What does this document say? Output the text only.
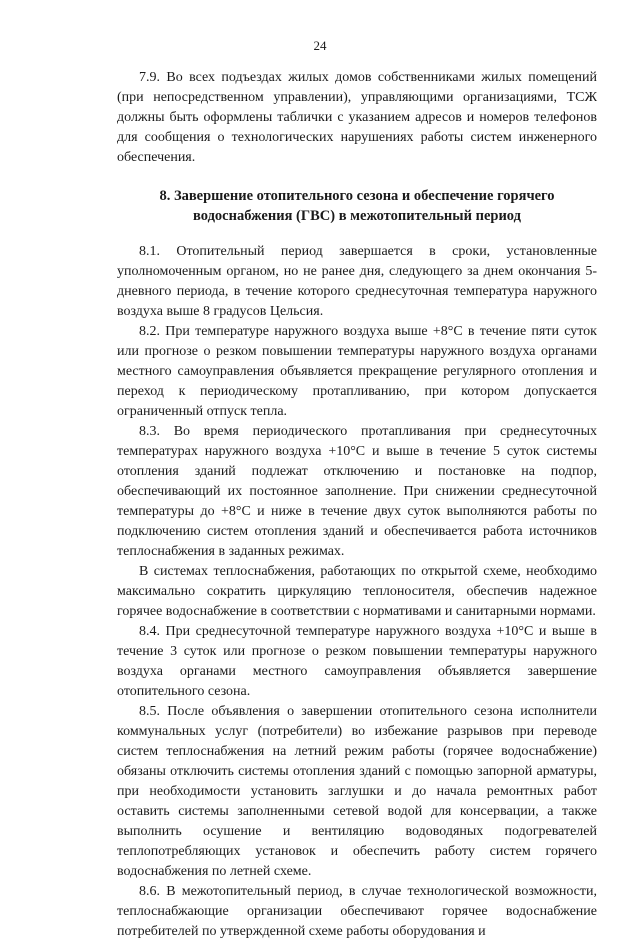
24

7.9. Во всех подъездах жилых домов собственниками жилых помещений (при непосредственном управлении), управляющими организациями, ТСЖ должны быть оформлены таблички с указанием адресов и номеров телефонов для сообщения о технологических нарушениях работы систем инженерного обеспечения.

8. Завершение отопительного сезона и обеспечение горячего водоснабжения (ГВС) в межотопительный период

8.1. Отопительный период завершается в сроки, установленные уполномоченным органом, но не ранее дня, следующего за днем окончания 5-дневного периода, в течение которого среднесуточная температура наружного воздуха выше 8 градусов Цельсия.

8.2. При температуре наружного воздуха выше +8°С в течение пяти суток или прогнозе о резком повышении температуры наружного воздуха органами местного самоуправления объявляется прекращение регулярного отопления и переход к периодическому протапливанию, при котором допускается ограниченный отпуск тепла.

8.3. Во время периодического протапливания при среднесуточных температурах наружного воздуха +10°С и выше в течение 5 суток системы отопления зданий подлежат отключению и постановке на подпор, обеспечивающий их постоянное заполнение. При снижении среднесуточной температуры до +8°С и ниже в течение двух суток выполняются работы по подключению систем отопления зданий и обеспечивается работа источников теплоснабжения в заданных режимах.

В системах теплоснабжения, работающих по открытой схеме, необходимо максимально сократить циркуляцию теплоносителя, обеспечив надежное горячее водоснабжение в соответствии с нормативами и санитарными нормами.

8.4. При среднесуточной температуре наружного воздуха +10°С и выше в течение 3 суток или прогнозе о резком повышении температуры наружного воздуха органами местного самоуправления объявляется завершение отопительного сезона.

8.5. После объявления о завершении отопительного сезона исполнители коммунальных услуг (потребители) во избежание разрывов при переводе систем теплоснабжения на летний режим работы (горячее водоснабжение) обязаны отключить системы отопления зданий с помощью запорной арматуры, при необходимости установить заглушки и до начала ремонтных работ оставить системы заполненными сетевой водой для консервации, а также выполнить осушение и вентиляцию водоводяных подогревателей теплопотребляющих установок и обеспечить работу систем горячего водоснабжения по летней схеме.

8.6. В межотопительный период, в случае технологической возможности, теплоснабжающие организации обеспечивают горячее водоснабжение потребителей по утвержденной схеме работы оборудования и
